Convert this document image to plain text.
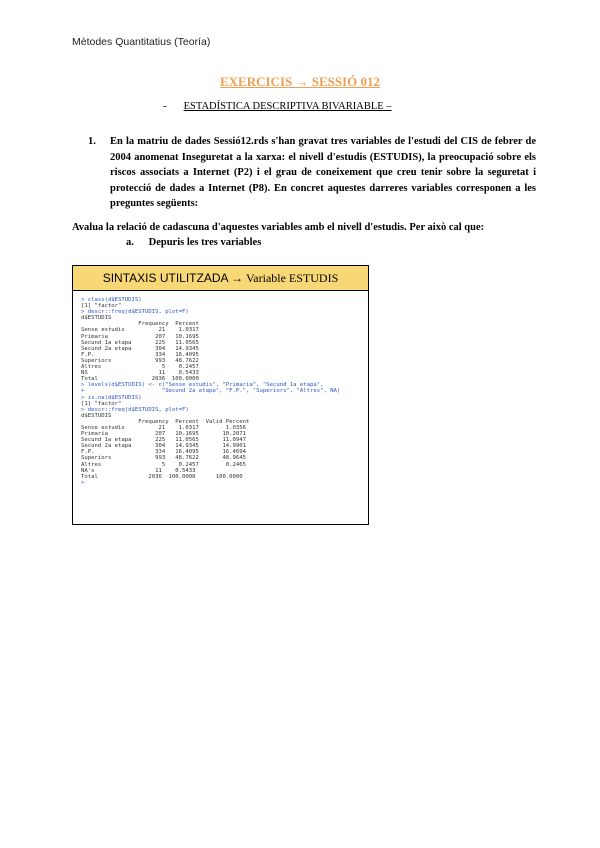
Mètodes Quantitatius (Teoría)
EXERCICIS → SESSIÓ 012
- ESTADÍSTICA DESCRIPTIVA BIVARIABLE –
1. En la matriu de dades Sessió12.rds s'han gravat tres variables de l'estudi del CIS de febrer de 2004 anomenat Inseguretat a la xarxa: el nivell d'estudis (ESTUDIS), la preocupació sobre els riscos associats a Internet (P2) i el grau de coneixement que creu tenir sobre la seguretat i protecció de dades a Internet (P8). En concret aquestes darreres variables corresponen a les preguntes següents:
Avalua la relació de cadascuna d'aquestes variables amb el nivell d'estudis. Per això cal que:
a. Depuris les tres variables
SINTAXIS UTILITZADA → Variable ESTUDIS
> class(d$ESTUDIS)
[1] "factor"
> descr::freq(d$ESTUDIS, plot=F)
d$ESTUDIS
Frequency  Percent
Sense estudis          21    1.0317
Primaria              207   10.1695
Secund 1a etapa       225   11.0565
Secund 2a etapa       304   14.9345
F.P.                  334   16.4095
Superiors             993   48.7622
Altres                  5    0.2457
NS                     11    0.5433
Total                2036  100.0000
> levels(d$ESTUDIS) <- c("Sense estudis", "Primaria", "Secund 1a etapa",
+                       "Secund 2a etapa", "F.P.", "Superiors", "Altres", NA)
> is.na(d$ESTUDIS)
[1] "factor"
> descr::freq(d$ESTUDIS, plot=F)
d$ESTUDIS
Frequency  Percent  Valid Percent
Sense estudis          21    1.0317        1.0356
Primaria              207   10.1695       10.2071
Secund 1a etapa       225   11.0565       11.0947
Secund 2a etapa       304   14.9345       14.9901
F.P.                  334   16.4095       16.4694
Superiors             993   48.7622       48.9645
Altres                  5    0.2457        0.2465
NA's                  11    0.5433
Total               2036  100.0000      100.0000
>
